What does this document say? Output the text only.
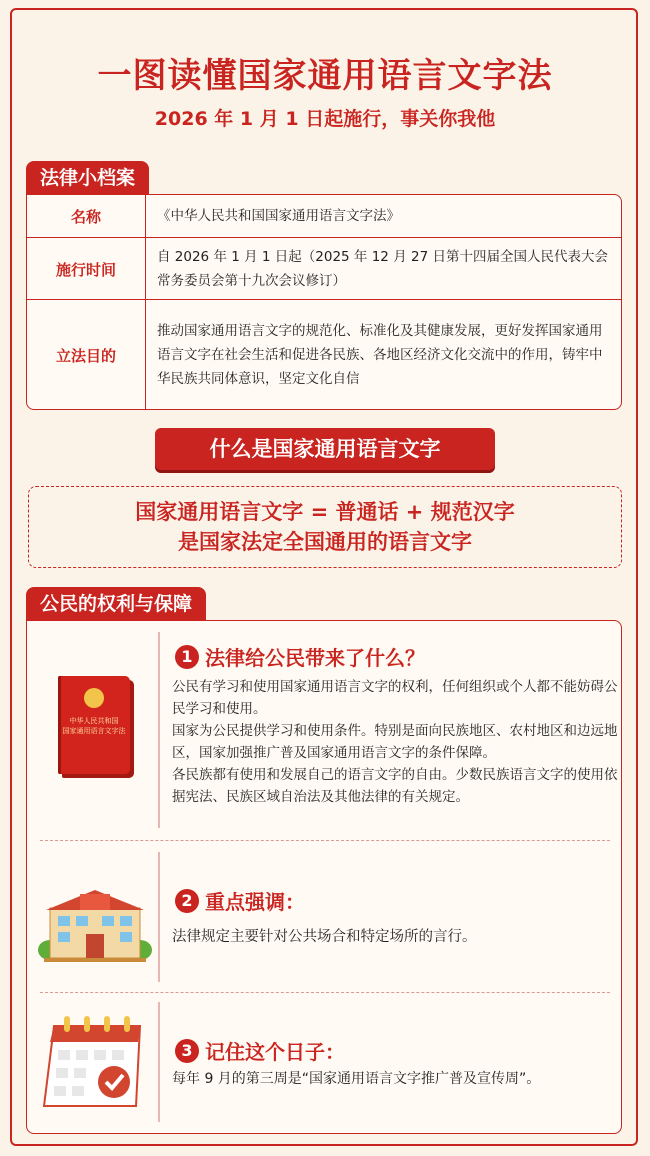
一图读懂国家通用语言文字法
2026 年 1 月 1 日起施行，事关你我他
法律小档案
名称	《中华人民共和国国家通用语言文字法》
施行时间
自 2026 年 1 月 1 日起（2025 年 12 月 27 日第十四届全国人民代表大会常务委员会第十九次会议修订）
立法目的
推动国家通用语言文字的规范化、标准化及其健康发展，更好发挥国家通用语言文字在社会生活和促进各民族、各地区经济文化交流中的作用，铸牢中华民族共同体意识，坚定文化自信
什么是国家通用语言文字
国家通用语言文字 = 普通话 + 规范汉字
是国家法定全国通用的语言文字
公民的权利与保障
中华人民共和国
国家通用语言文字法
1 法律给公民带来了什么？
公民有学习和使用国家通用语言文字的权利，任何组织或个人都不能妨碍公民学习和使用。
国家为公民提供学习和使用条件。特别是面向民族地区、农村地区和边远地区，国家加强推广普及国家通用语言文字的条件保障。
各民族都有使用和发展自己的语言文字的自由。少数民族语言文字的使用依据宪法、民族区域自治法及其他法律的有关规定。
2 重点强调：
法律规定主要针对公共场合和特定场所的言行。
3 记住这个日子：
每年 9 月的第三周是“国家通用语言文字推广普及宣传周”。
